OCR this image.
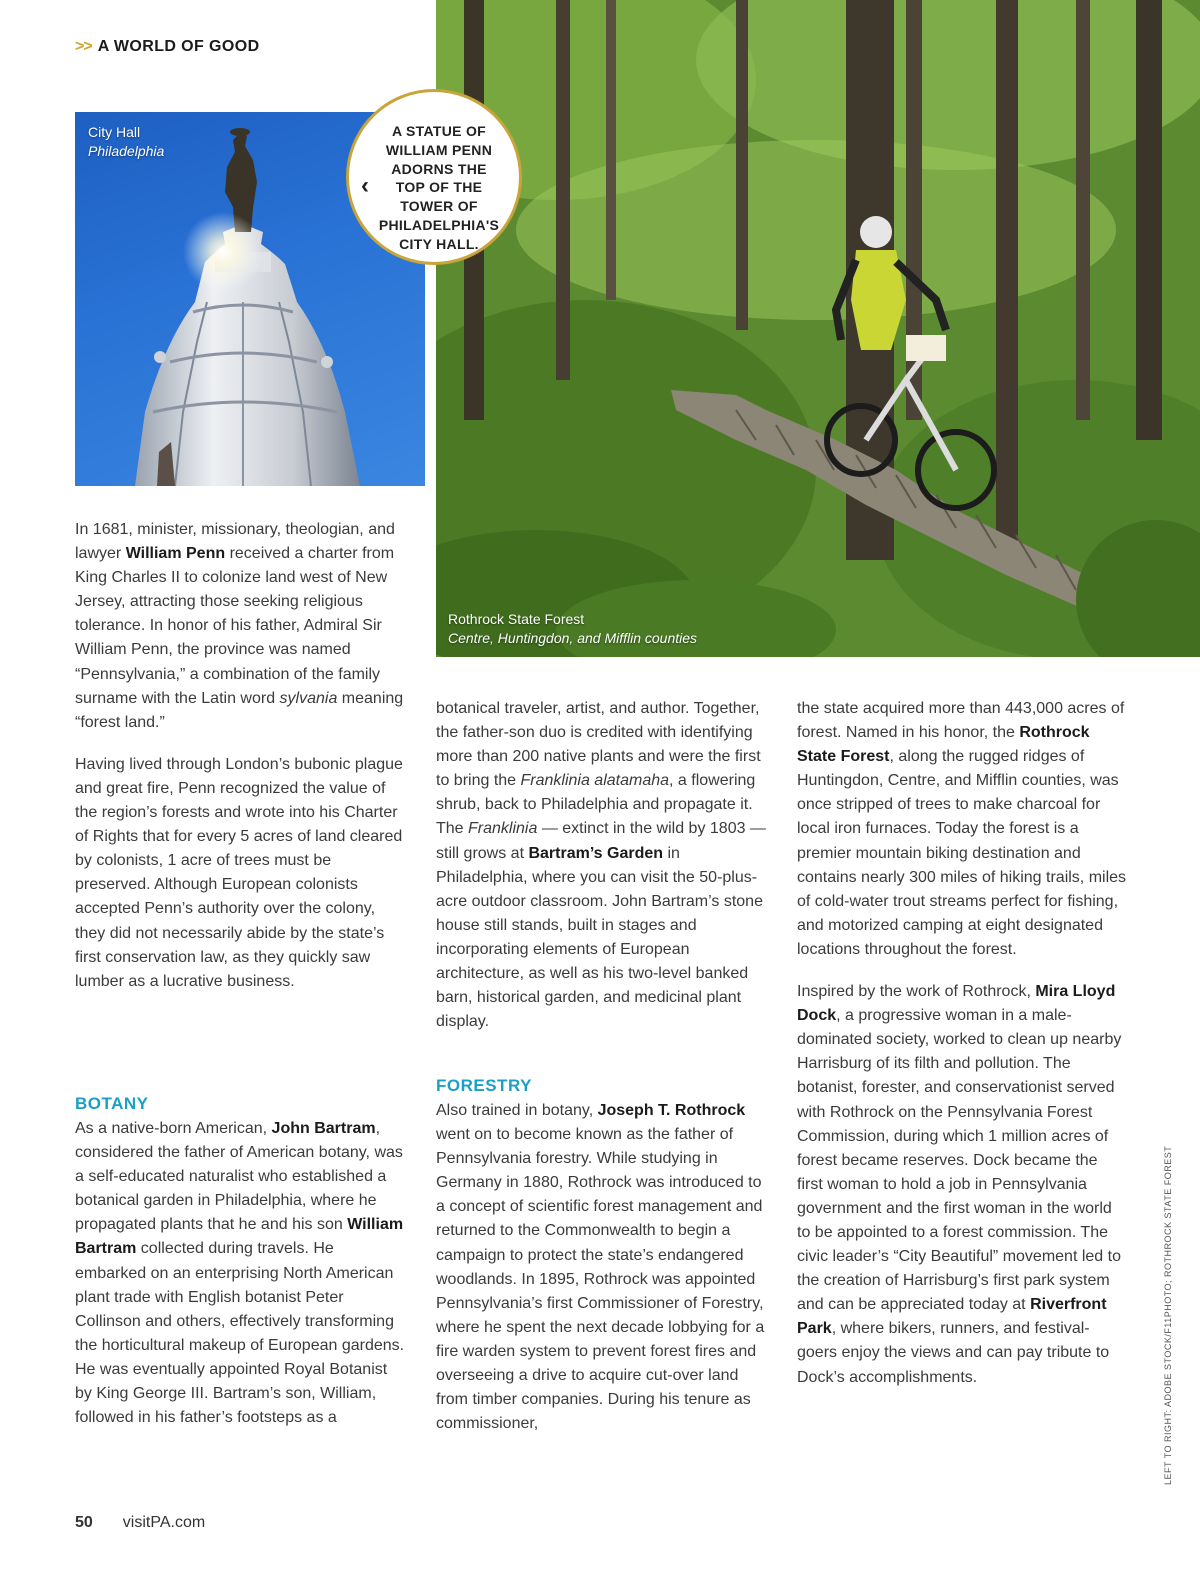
>> A WORLD OF GOOD
City Hall
Philadelphia
Rothrock State Forest
Centre, Huntingdon, and Mifflin counties
‹
A STATUE OF WILLIAM PENN ADORNS THE TOP OF THE TOWER OF PHILADELPHIA'S CITY HALL.

In 1681, minister, missionary, theologian, and lawyer William Penn received a charter from King Charles II to colonize land west of New Jersey, attracting those seeking religious tolerance. In honor of his father, Admiral Sir William Penn, the province was named “Pennsylvania,” a combination of the family surname with the Latin word sylvania meaning “forest land.”

Having lived through London’s bubonic plague and great fire, Penn recognized the value of the region’s forests and wrote into his Charter of Rights that for every 5 acres of land cleared by colonists, 1 acre of trees must be preserved. Although European colonists accepted Penn’s authority over the colony, they did not necessarily abide by the state’s first conservation law, as they quickly saw lumber as a lucrative business.

BOTANY

As a native-born American, John Bartram, considered the father of American botany, was a self-educated naturalist who established a botanical garden in Philadelphia, where he propagated plants that he and his son William Bartram collected during travels. He embarked on an enterprising North American plant trade with English botanist Peter Collinson and others, effectively transforming the horticultural makeup of European gardens. He was eventually appointed Royal Botanist by King George III. Bartram’s son, William, followed in his father’s footsteps as a

botanical traveler, artist, and author. Together, the father-son duo is credited with identifying more than 200 native plants and were the first to bring the Franklinia alatamaha, a flowering shrub, back to Philadelphia and propagate it. The Franklinia — extinct in the wild by 1803 — still grows at Bartram’s Garden in Philadelphia, where you can visit the 50-plus-acre outdoor classroom. John Bartram’s stone house still stands, built in stages and incorporating elements of European architecture, as well as his two-level banked barn, historical garden, and medicinal plant display.

FORESTRY

Also trained in botany, Joseph T. Rothrock went on to become known as the father of Pennsylvania forestry. While studying in Germany in 1880, Rothrock was introduced to a concept of scientific forest management and returned to the Commonwealth to begin a campaign to protect the state’s endangered woodlands. In 1895, Rothrock was appointed Pennsylvania’s first Commissioner of Forestry, where he spent the next decade lobbying for a fire warden system to prevent forest fires and overseeing a drive to acquire cut-over land from timber companies. During his tenure as commissioner,

the state acquired more than 443,000 acres of forest. Named in his honor, the Rothrock State Forest, along the rugged ridges of Huntingdon, Centre, and Mifflin counties, was once stripped of trees to make charcoal for local iron furnaces. Today the forest is a premier mountain biking destination and contains nearly 300 miles of hiking trails, miles of cold-water trout streams perfect for fishing, and motorized camping at eight designated locations throughout the forest.

Inspired by the work of Rothrock, Mira Lloyd Dock, a progressive woman in a male-dominated society, worked to clean up nearby Harrisburg of its filth and pollution. The botanist, forester, and conservationist served with Rothrock on the Pennsylvania Forest Commission, during which 1 million acres of forest became reserves. Dock became the first woman to hold a job in Pennsylvania government and the first woman in the world to be appointed to a forest commission. The civic leader’s “City Beautiful” movement led to the creation of Harrisburg’s first park system and can be appreciated today at Riverfront Park, where bikers, runners, and festival-goers enjoy the views and can pay tribute to Dock’s accomplishments.	LEFT TO RIGHT: ADOBE STOCK/F11PHOTO; ROTHROCK STATE FOREST
50 visitPA.com
